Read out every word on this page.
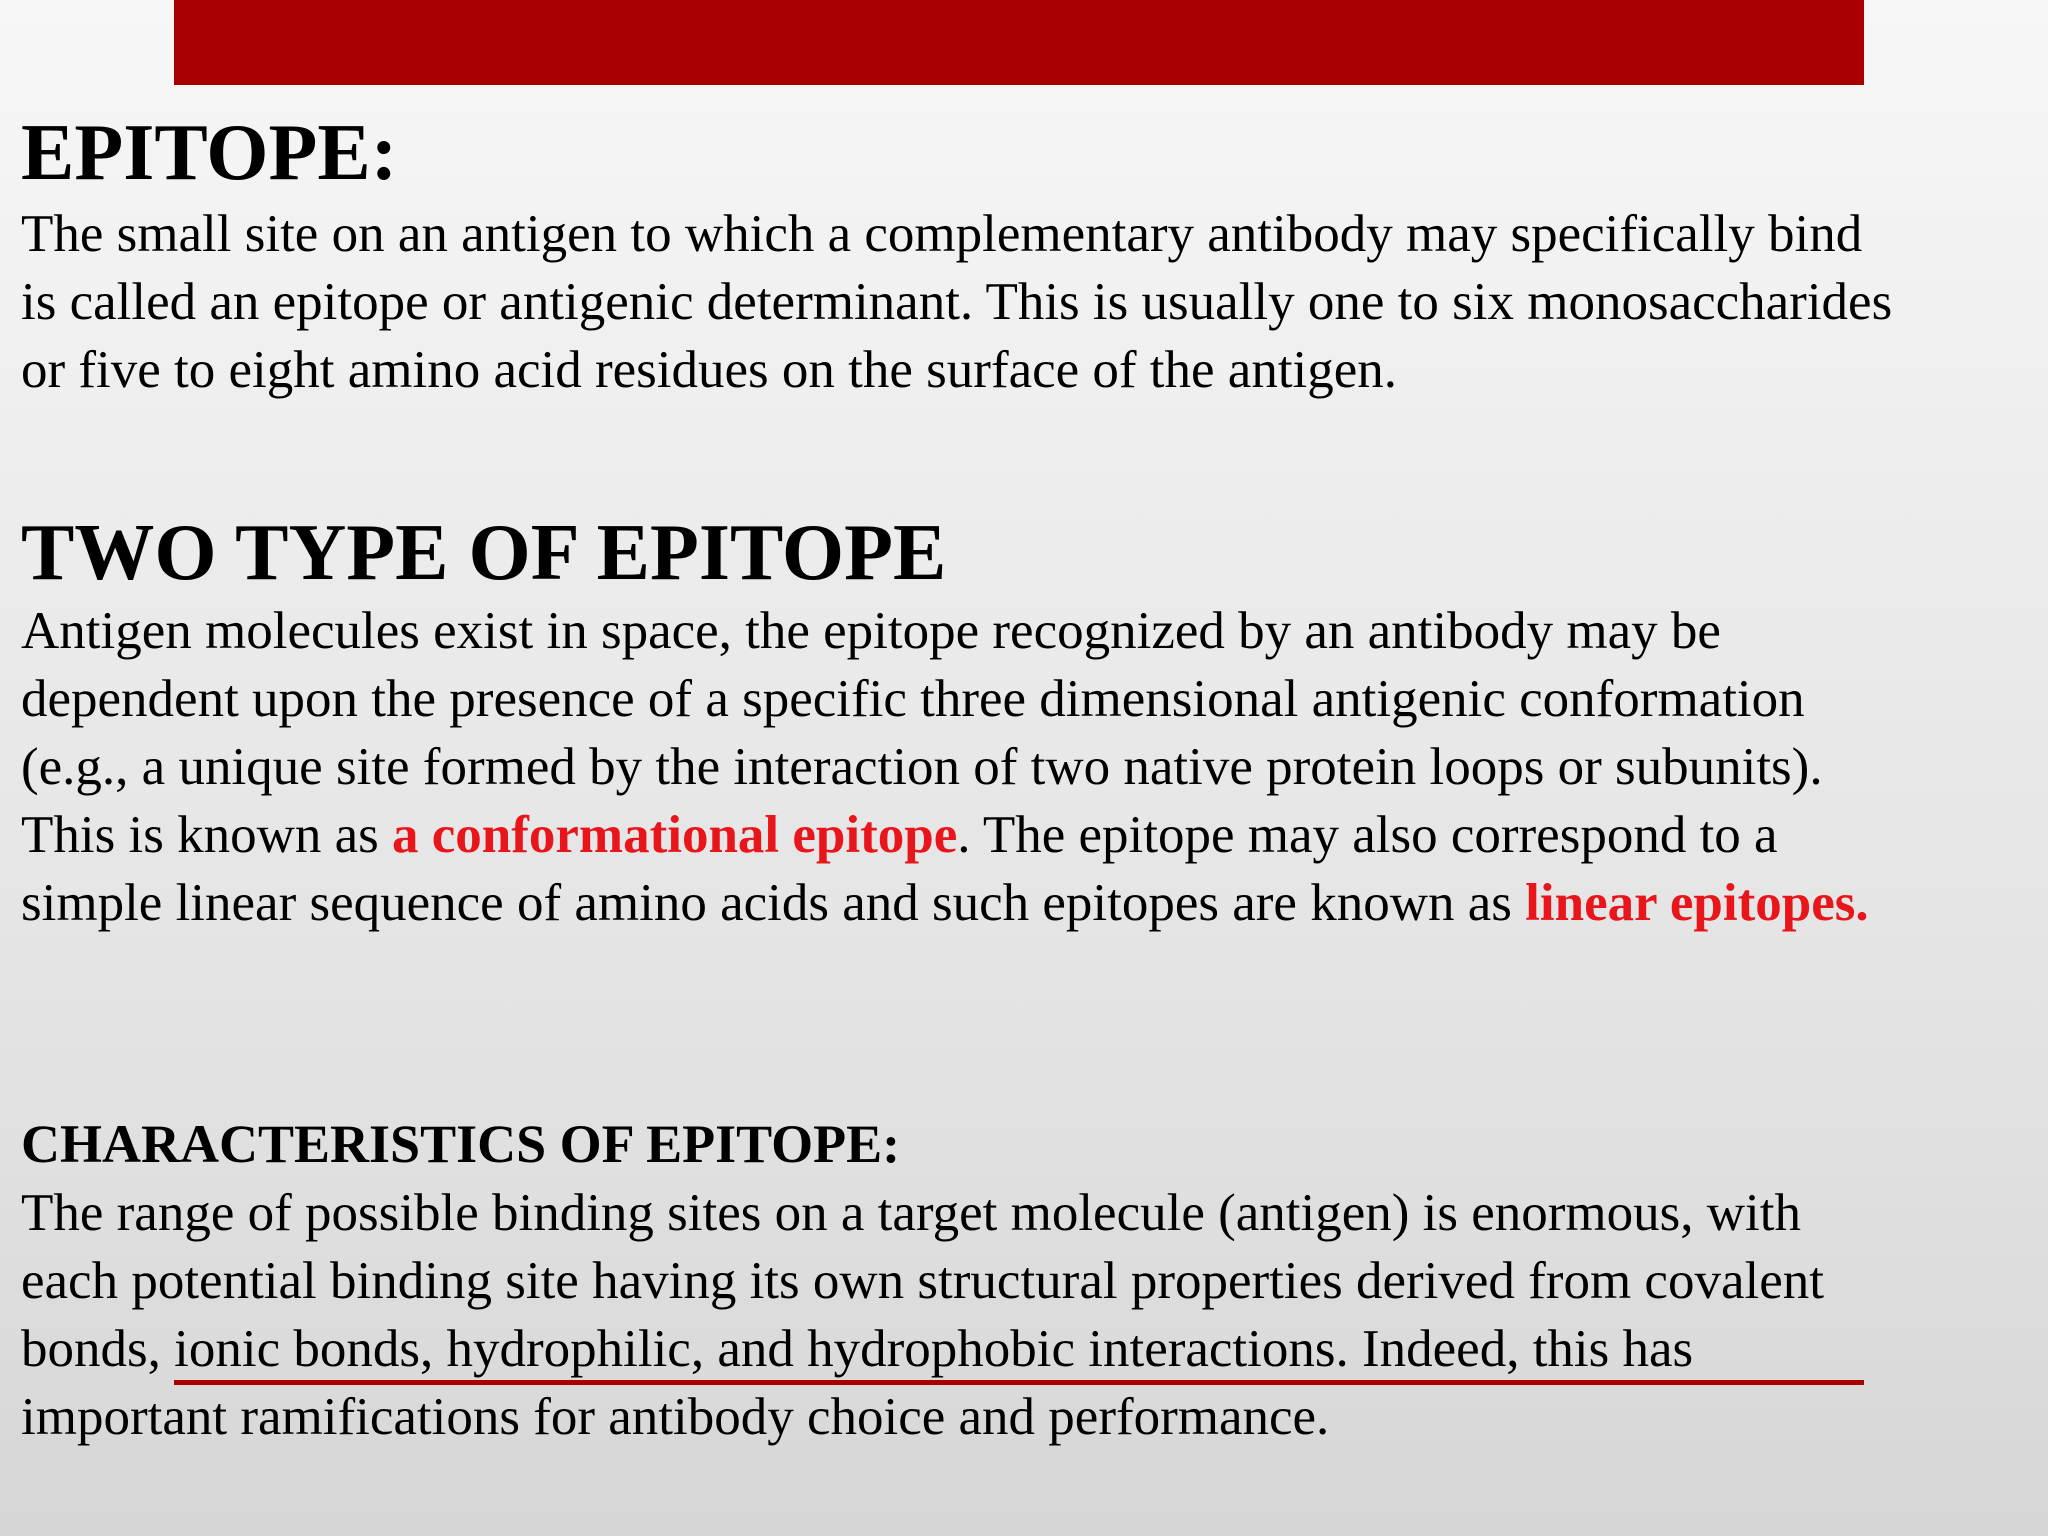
EPITOPE:

The small site on an antigen to which a complementary antibody may specifically bind
is called an epitope or antigenic determinant. This is usually one to six monosaccharides
or five to eight amino acid residues on the surface of the antigen.

TWO TYPE OF EPITOPE

Antigen molecules exist in space, the epitope recognized by an antibody may be
dependent upon the presence of a specific three dimensional antigenic conformation
(e.g., a unique site formed by the interaction of two native protein loops or subunits).
This is known as a conformational epitope. The epitope may also correspond to a
simple linear sequence of amino acids and such epitopes are known as linear epitopes.

CHARACTERISTICS OF EPITOPE:

The range of possible binding sites on a target molecule (antigen) is enormous, with
each potential binding site having its own structural properties derived from covalent
bonds, ionic bonds, hydrophilic, and hydrophobic interactions. Indeed, this has
important ramifications for antibody choice and performance.
